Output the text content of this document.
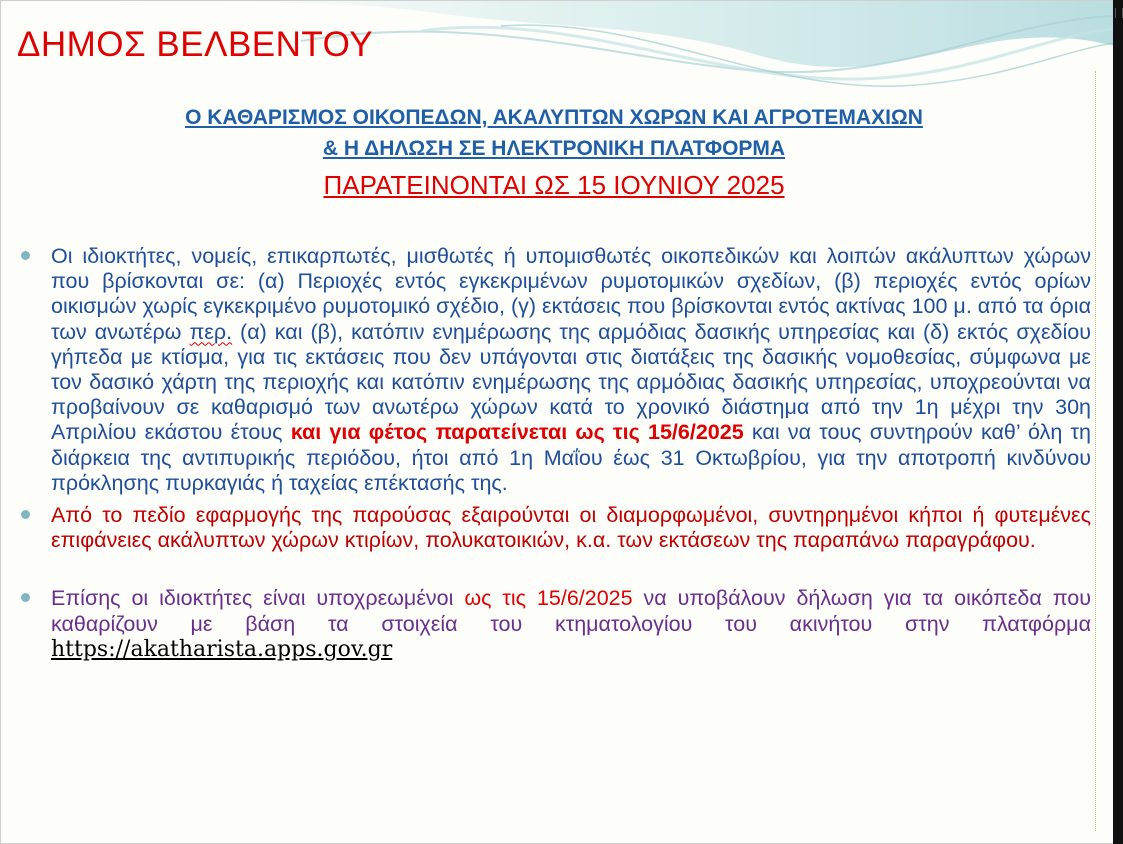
ΔΗΜΟΣ ΒΕΛΒΕΝΤΟΥ
Ο ΚΑΘΑΡΙΣΜΟΣ ΟΙΚΟΠΕΔΩΝ, ΑΚΑΛΥΠΤΩΝ ΧΩΡΩΝ ΚΑΙ ΑΓΡΟΤΕΜΑΧΙΩΝ
& Η ΔΗΛΩΣΗ ΣΕ ΗΛΕΚΤΡΟΝΙΚΗ ΠΛΑΤΦΟΡΜΑ
ΠΑΡΑΤΕΙΝΟΝΤΑΙ ΩΣ 15 ΙΟΥΝΙΟΥ 2025
Οι ιδιοκτήτες, νομείς, επικαρπωτές, μισθωτές ή υπομισθωτές οικοπεδικών και λοιπών ακάλυπτων χώρων που βρίσκονται σε: (α) Περιοχές εντός εγκεκριμένων ρυμοτομικών σχεδίων, (β) περιοχές εντός ορίων οικισμών χωρίς εγκεκριμένο ρυμοτομικό σχέδιο, (γ) εκτάσεις που βρίσκονται εντός ακτίνας 100 μ. από τα όρια των ανωτέρω περ. (α) και (β), κατόπιν ενημέρωσης της αρμόδιας δασικής υπηρεσίας και (δ) εκτός σχεδίου γήπεδα με κτίσμα, για τις εκτάσεις που δεν υπάγονται στις διατάξεις της δασικής νομοθεσίας, σύμφωνα με τον δασικό χάρτη της περιοχής και κατόπιν ενημέρωσης της αρμόδιας δασικής υπηρεσίας, υποχρεούνται να προβαίνουν σε καθαρισμό των ανωτέρω χώρων κατά το χρονικό διάστημα από την 1η μέχρι την 30η Απριλίου εκάστου έτους και για φέτος παρατείνεται ως τις 15/6/2025 και να τους συντηρούν καθ’ όλη τη διάρκεια της αντιπυρικής περιόδου, ήτοι από 1η Μαΐου έως 31 Οκτωβρίου, για την αποτροπή κινδύνου πρόκλησης πυρκαγιάς ή ταχείας επέκτασής της.
Από το πεδίο εφαρμογής της παρούσας εξαιρούνται οι διαμορφωμένοι, συντηρημένοι κήποι ή φυτεμένες επιφάνειες ακάλυπτων χώρων κτιρίων, πολυκατοικιών, κ.α. των εκτάσεων της παραπάνω παραγράφου.
Επίσης οι ιδιοκτήτες είναι υποχρεωμένοι ως τις 15/6/2025 να υποβάλουν δήλωση για τα οικόπεδα που καθαρίζουν με βάση τα στοιχεία του κτηματολογίου του ακινήτου στην πλατφόρμα https://akatharista.apps.gov.gr
